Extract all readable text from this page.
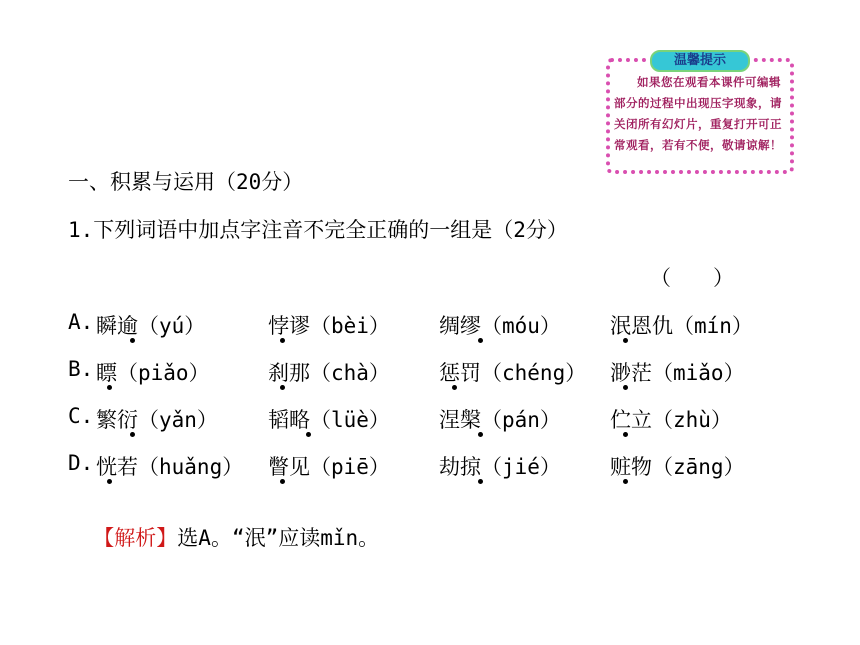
温馨提示
如果您在观看本课件可编辑部分的过程中出现压字现象，请关闭所有幻灯片，重复打开可正常观看，若有不便，敬请谅解！
一、积累与运用（20分）
1.下列词语中加点字注音不完全正确的一组是（2分）
（　　）
A. 瞬逾（yú）	悖谬（bèi） 绸缪（móu） 泯恩仇（mín）
B. 瞟（piǎo）	刹那（chà） 惩罚（chéng） 渺茫（miǎo）
C. 繁衍（yǎn） 韬略（lüè） 涅槃（pán） 伫立（zhù）
D. 恍若（huǎng） 瞥见（piē） 劫掠（jié） 赃物（zāng）

【解析】选A。“泯”应读mǐn。
